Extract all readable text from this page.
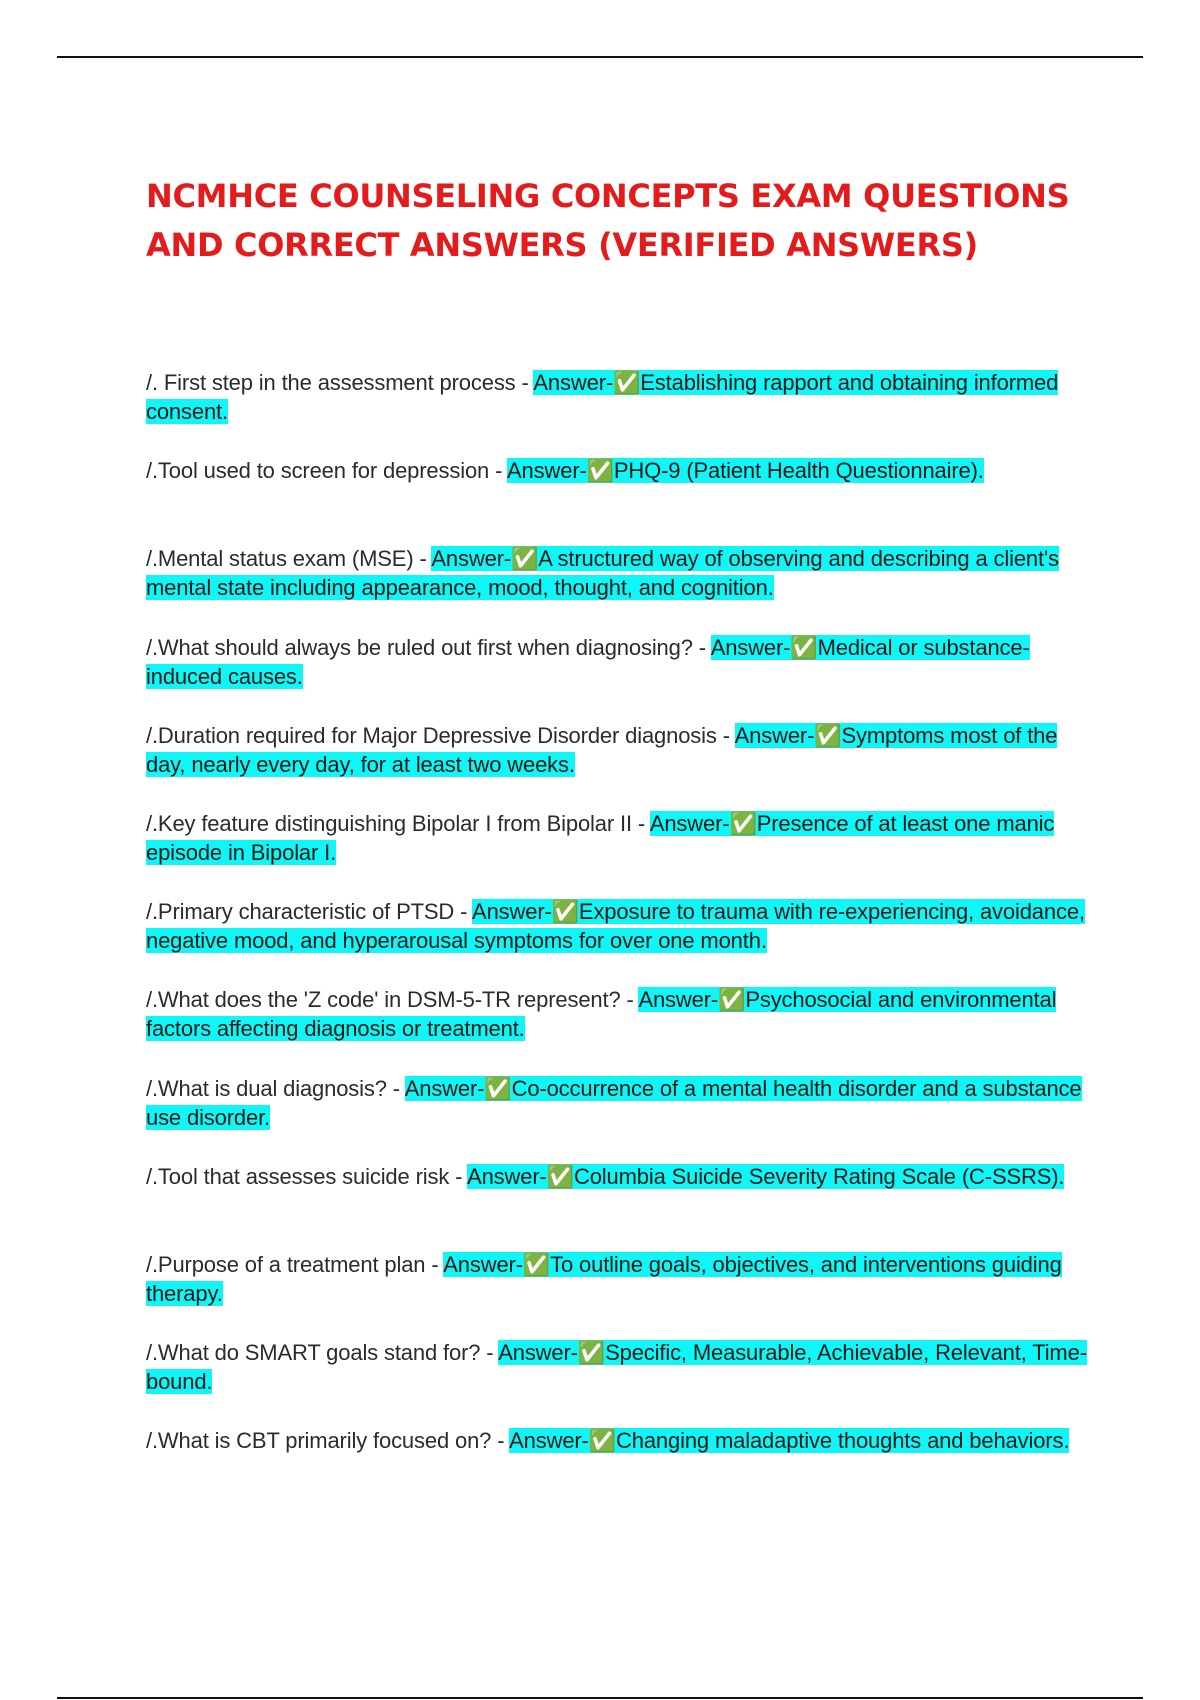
NCMHCE COUNSELING CONCEPTS EXAM QUESTIONS AND CORRECT ANSWERS (VERIFIED ANSWERS)
/. First step in the assessment process - Answer-✅Establishing rapport and obtaining informed consent.
/.Tool used to screen for depression - Answer-✅PHQ-9 (Patient Health Questionnaire).
/.Mental status exam (MSE) - Answer-✅A structured way of observing and describing a client's mental state including appearance, mood, thought, and cognition.
/.What should always be ruled out first when diagnosing? - Answer-✅Medical or substance-induced causes.
/.Duration required for Major Depressive Disorder diagnosis - Answer-✅Symptoms most of the day, nearly every day, for at least two weeks.
/.Key feature distinguishing Bipolar I from Bipolar II - Answer-✅Presence of at least one manic episode in Bipolar I.
/.Primary characteristic of PTSD - Answer-✅Exposure to trauma with re-experiencing, avoidance, negative mood, and hyperarousal symptoms for over one month.
/.What does the 'Z code' in DSM-5-TR represent? - Answer-✅Psychosocial and environmental factors affecting diagnosis or treatment.
/.What is dual diagnosis? - Answer-✅Co-occurrence of a mental health disorder and a substance use disorder.
/.Tool that assesses suicide risk - Answer-✅Columbia Suicide Severity Rating Scale (C-SSRS).
/.Purpose of a treatment plan - Answer-✅To outline goals, objectives, and interventions guiding therapy.
/.What do SMART goals stand for? - Answer-✅Specific, Measurable, Achievable, Relevant, Time-bound.
/.What is CBT primarily focused on? - Answer-✅Changing maladaptive thoughts and behaviors.
